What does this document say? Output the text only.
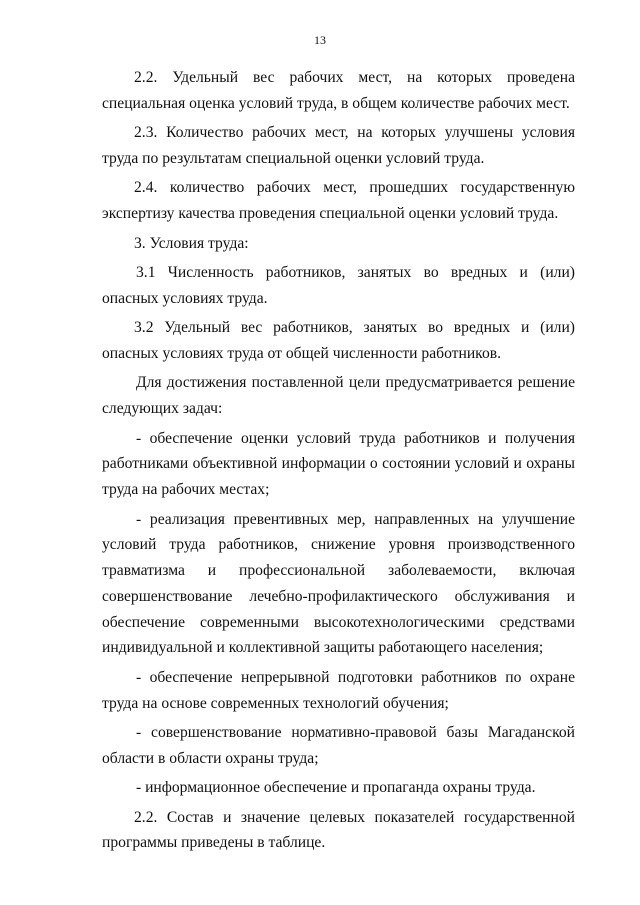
13

2.2. Удельный вес рабочих мест, на которых проведена специальная оценка условий труда, в общем количестве рабочих мест.

2.3. Количество рабочих мест, на которых улучшены условия труда по результатам специальной оценки условий труда.

2.4. количество рабочих мест, прошедших государственную экспертизу качества проведения специальной оценки условий труда.

3. Условия труда:

3.1 Численность работников, занятых во вредных и (или) опасных условиях труда.

3.2 Удельный вес работников, занятых во вредных и (или) опасных условиях труда от общей численности работников.

Для достижения поставленной цели предусматривается решение следующих задач:

- обеспечение оценки условий труда работников и получения работниками объективной информации о состоянии условий и охраны труда на рабочих местах;

- реализация превентивных мер, направленных на улучшение условий труда работников, снижение уровня производственного травматизма и профессиональной заболеваемости, включая совершенствование лечебно-профилактического обслуживания и обеспечение современными высокотехнологическими средствами индивидуальной и коллективной защиты работающего населения;

- обеспечение непрерывной подготовки работников по охране труда на основе современных технологий обучения;

- совершенствование нормативно-правовой базы Магаданской области в области охраны труда;

- информационное обеспечение и пропаганда охраны труда.

2.2. Состав и значение целевых показателей государственной программы приведены в таблице.
